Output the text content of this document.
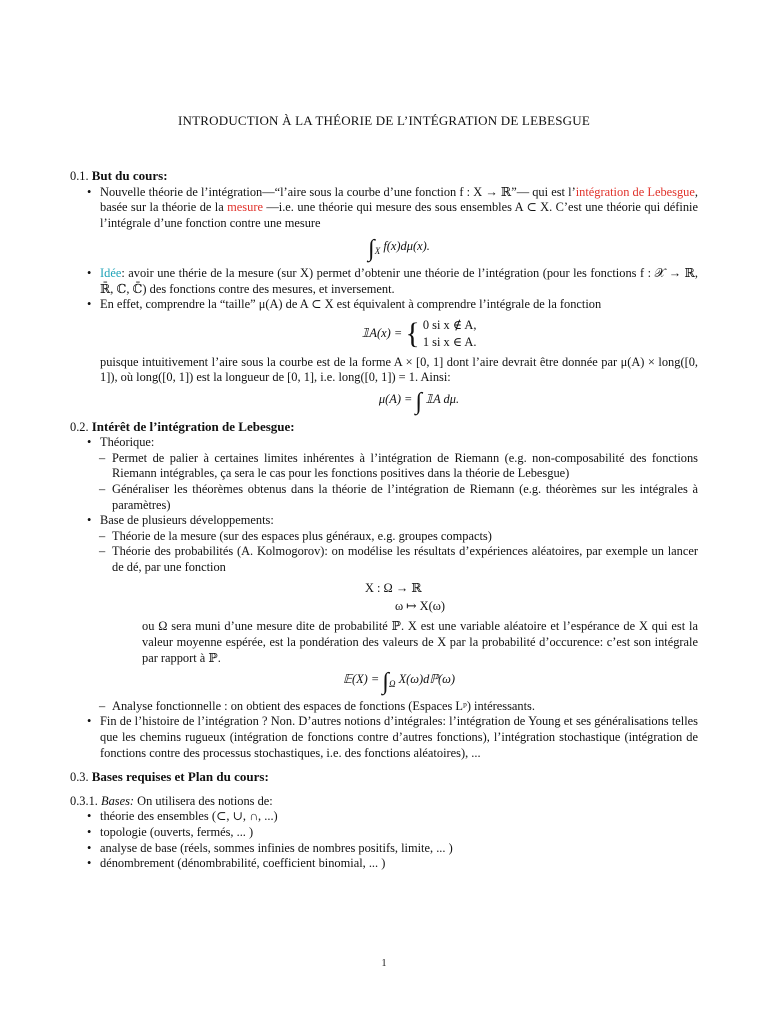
INTRODUCTION À LA THÉORIE DE L’INTÉGRATION DE LEBESGUE
0.1. But du cours:
• Nouvelle théorie de l’intégration—“l’aire sous la courbe d’une fonction f : X → ℝ”— qui est l’intégration de Lebesgue, basée sur la théorie de la mesure —i.e. une théorie qui mesure des sous ensembles A ⊂ X. C’est une théorie qui définie l’intégrale d’une fonction contre une mesure
$\int_X$ f(x)dμ(x).
• Idée: avoir une thérie de la mesure (sur X) permet d’obtenir une théorie de l’intégration (pour les fonctions f : 𝒳 → ℝ, ℝ̄, ℂ, ℂ̄) des fonctions contre des mesures, et inversement.
• En effet, comprendre la “taille” μ(A) de A ⊂ X est équivalent à comprendre l’intégrale de la fonction
𝟙A(x) = { 0 si x ∉ A,
1 si x ∈ A.
puisque intuitivement l’aire sous la courbe est de la forme A × [0, 1] dont l’aire devrait être donnée par μ(A) × long([0, 1]), où long([0, 1]) est la longueur de [0, 1], i.e. long([0, 1]) = 1. Ainsi:
μ(A) = ∫ 𝟙A dμ.
0.2. Intérêt de l’intégration de Lebesgue:
• Théorique:
– Permet de palier à certaines limites inhérentes à l’intégration de Riemann (e.g. non-composabilité des fonctions Riemann intégrables, ça sera le cas pour les fonctions positives dans la théorie de Lebesgue)
– Généraliser les théorèmes obtenus dans la théorie de l’intégration de Riemann (e.g. théorèmes sur les intégrales à paramètres)
• Base de plusieurs développements:
– Théorie de la mesure (sur des espaces plus généraux, e.g. groupes compacts)
– Théorie des probabilités (A. Kolmogorov): on modélise les résultats d’expériences aléatoires, par exemple un lancer de dé, par une fonction
X : Ω → ℝ
ω ↦ X(ω)
ou Ω sera muni d’une mesure dite de probabilité ℙ. X est une variable aléatoire et l’espérance de X qui est la valeur moyenne espérée, est la pondération des valeurs de X par la probabilité d’occurence: c’est son intégrale par rapport à ℙ.
𝔼(X) = $\int_\Omega$ X(ω)dℙ(ω)
– Analyse fonctionnelle : on obtient des espaces de fonctions (Espaces Lᵖ) intéressants.
• Fin de l’histoire de l’intégration ? Non. D’autres notions d’intégrales: l’intégration de Young et ses généralisations telles que les chemins rugueux (intégration de fonctions contre d’autres fonctions), l’intégration stochastique (intégration de fonctions contre des processus stochastiques, i.e. des fonctions aléatoires), ...
0.3. Bases requises et Plan du cours:
0.3.1. Bases: On utilisera des notions de:
• théorie des ensembles (⊂, ∪, ∩, ...)
• topologie (ouverts, fermés, ... )
• analyse de base (réels, sommes infinies de nombres positifs, limite, ... )
• dénombrement (dénombrabilité, coefficient binomial, ... )
1
